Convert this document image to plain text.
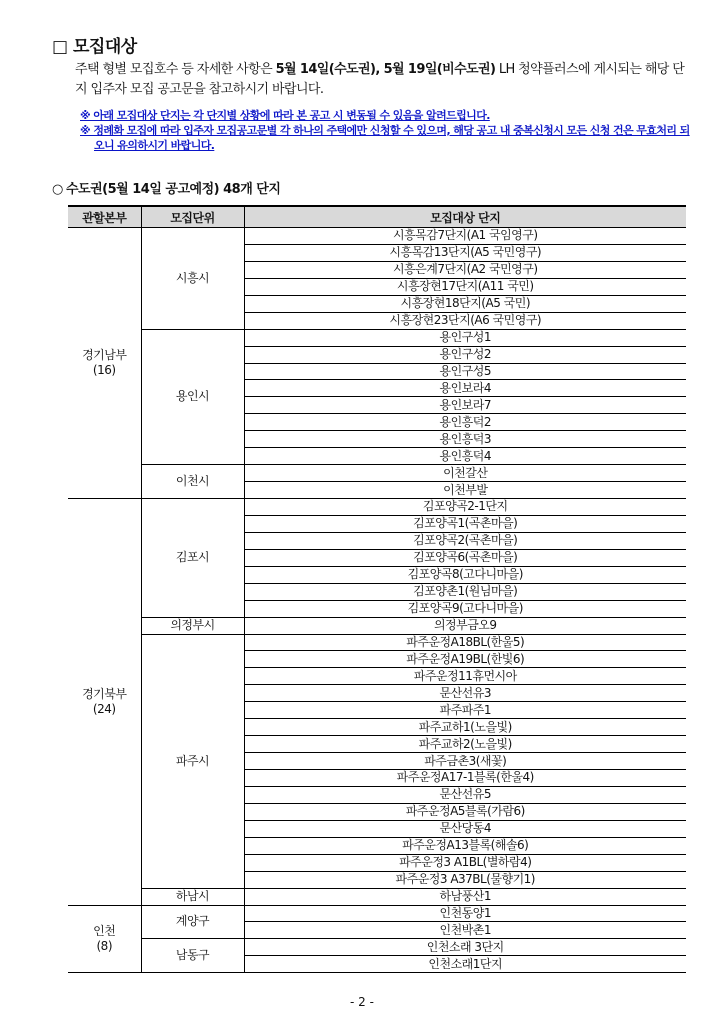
□ 모집대상
주택 형별 모집호수 등 자세한 사항은 5월 14일(수도권), 5월 19일(비수도권) LH 청약플러스에 게시되는 해당 단지 입주자 모집 공고문을 참고하시기 바랍니다.
※ 아래 모집대상 단지는 각 단지별 상황에 따라 본 공고 시 변동될 수 있음을 알려드립니다.
※ 정례화 모집에 따라 입주자 모집공고문별 각 하나의 주택에만 신청할 수 있으며, 해당 공고 내 중복신청시 모든 신청 건은 무효처리 되오니 유의하시기 바랍니다.
○ 수도권(5월 14일 공고예정) 48개 단지
관할본부	모집단위	모집대상 단지

경기남부
(16)	시흥시	시흥목감7단지(A1 국임영구)
		시흥목감13단지(A5 국민영구)
		시흥은계7단지(A2 국민영구)
		시흥장현17단지(A11 국민)
		시흥장현18단지(A5 국민)
		시흥장현23단지(A6 국민영구)
	용인시	용인구성1
		용인구성2
		용인구성5
		용인보라4
		용인보라7
		용인흥덕2
		용인흥덕3
		용인흥덕4
	이천시	이천갈산
		이천부발

경기북부
(24)	김포시	김포양곡2-1단지
		김포양곡1(곡촌마을)
		김포양곡2(곡촌마을)
		김포양곡6(곡촌마을)
		김포양곡8(고다니마을)
		김포양촌1(원님마을)
		김포양곡9(고다니마을)
	의정부시	의정부금오9
	파주시	파주운정A18BL(한울5)
		파주운정A19BL(한빛6)
		파주운정11휴먼시아
		문산선유3
		파주파주1
		파주교하1(노을빛)
		파주교하2(노을빛)
		파주금촌3(새꽃)
		파주운정A17-1블록(한울4)
		문산선유5
		파주운정A5블록(가람6)
		문산당동4
		파주운정A13블록(해솔6)
		파주운정3 A1BL(별하람4)
		파주운정3 A37BL(물향기1)
	하남시	하남풍산1

인천
(8)	계양구	인천동양1
		인천박촌1
	남동구	인천소래 3단지
		인천소래1단지
- 2 -
